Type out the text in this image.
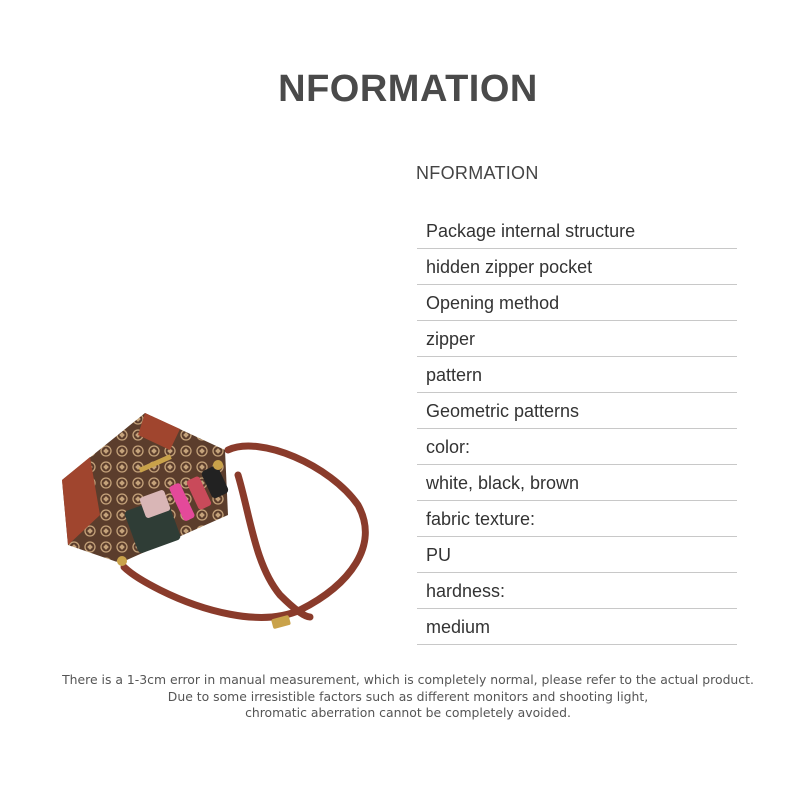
NFORMATION
NFORMATION
Package internal structure
hidden zipper pocket
Opening method
zipper
pattern
Geometric patterns
color:
white, black, brown
fabric texture:
PU
hardness:
medium
There is a 1-3cm error in manual measurement, which is completely normal, please refer to the actual product.
Due to some irresistible factors such as different monitors and shooting light,
chromatic aberration cannot be completely avoided.
